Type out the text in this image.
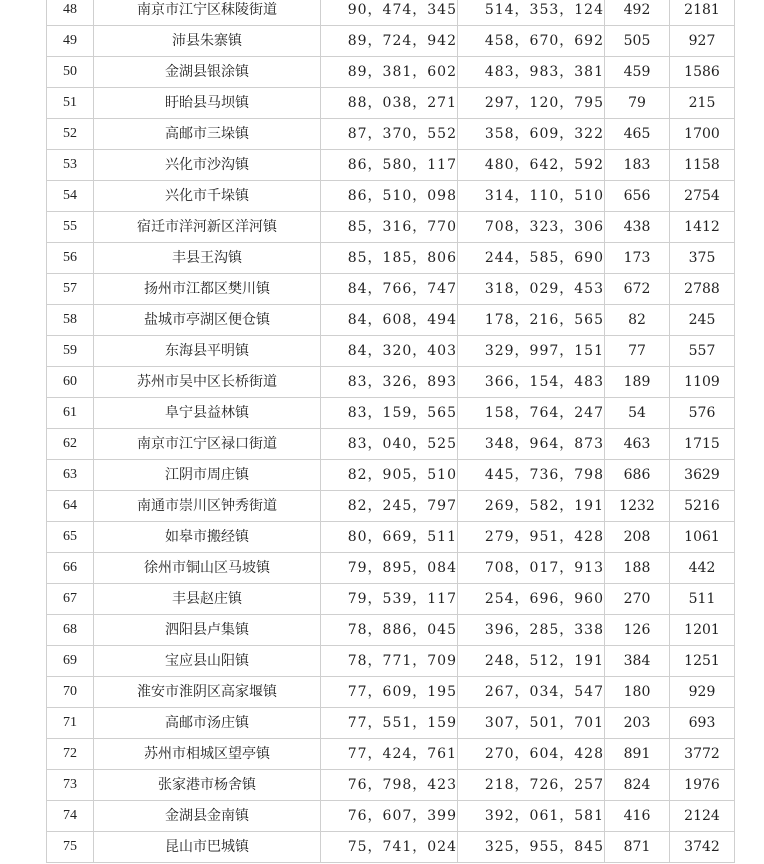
48	南京市江宁区秣陵街道	90，474，345	514，353，124	492	2181
49	沛县朱寨镇	89，724，942	458，670，692	505	927
50	金湖县银涂镇	89，381，602	483，983，381	459	1586
51	盱眙县马坝镇	88，038，271	297，120，795	79	215
52	高邮市三垛镇	87，370，552	358，609，322	465	1700
53	兴化市沙沟镇	86，580，117	480，642，592	183	1158
54	兴化市千垛镇	86，510，098	314，110，510	656	2754
55	宿迁市洋河新区洋河镇	85，316，770	708，323，306	438	1412
56	丰县王沟镇	85，185，806	244，585，690	173	375
57	扬州市江都区樊川镇	84，766，747	318，029，453	672	2788
58	盐城市亭湖区便仓镇	84，608，494	178，216，565	82	245
59	东海县平明镇	84，320，403	329，997，151	77	557
60	苏州市吴中区长桥街道	83，326，893	366，154，483	189	1109
61	阜宁县益林镇	83，159，565	158，764，247	54	576
62	南京市江宁区禄口街道	83，040，525	348，964，873	463	1715
63	江阴市周庄镇	82，905，510	445，736，798	686	3629
64	南通市崇川区钟秀街道	82，245，797	269，582，191	1232	5216
65	如皋市搬经镇	80，669，511	279，951，428	208	1061
66	徐州市铜山区马坡镇	79，895，084	708，017，913	188	442
67	丰县赵庄镇	79，539，117	254，696，960	270	511
68	泗阳县卢集镇	78，886，045	396，285，338	126	1201
69	宝应县山阳镇	78，771，709	248，512，191	384	1251
70	淮安市淮阴区高家堰镇	77，609，195	267，034，547	180	929
71	高邮市汤庄镇	77，551，159	307，501，701	203	693
72	苏州市相城区望亭镇	77，424，761	270，604，428	891	3772
73	张家港市杨舍镇	76，798，423	218，726，257	824	1976
74	金湖县金南镇	76，607，399	392，061，581	416	2124
75	昆山市巴城镇	75，741，024	325，955，845	871	3742
